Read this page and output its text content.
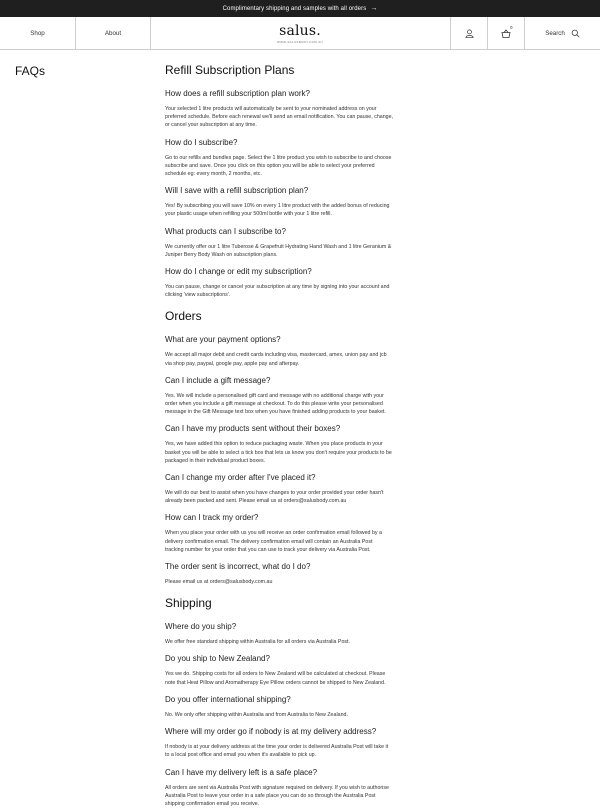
Complimentary shipping and samples with all orders →
Shop	About	salus.
WWW.SALUSBODY.COM.AU
0
Search
FAQs	Refill Subscription Plans
How does a refill subscription plan work?
Your selected 1 litre products will automatically be sent to your nominated address on your
preferred schedule. Before each renewal we'll send an email notification. You can pause, change,
or cancel your subscription at any time.
How do I subscribe?
Go to our refills and bundles page. Select the 1 litre product you wish to subscribe to and choose
subscribe and save. Once you click on this option you will be able to select your preferred
schedule eg: every month, 2 months, etc.
Will I save with a refill subscription plan?
Yes! By subscribing you will save 10% on every 1 litre product with the added bonus of reducing
your plastic usage when refilling your 500ml bottle with your 1 litre refill.
What products can I subscribe to?
We currently offer our 1 litre Tuberose & Grapefruit Hydrating Hand Wash and 1 litre Geranium &
Juniper Berry Body Wash on subscription plans.
How do I change or edit my subscription?
You can pause, change or cancel your subscription at any time by signing into your account and
clicking 'view subscriptions'.
Orders
What are your payment options?
We accept all major debit and credit cards including visa, mastercard, amex, union pay and jcb
via shop pay, paypal, google pay, apple pay and afterpay.
Can I include a gift message?
Yes. We will include a personalised gift card and message with no additional charge with your
order when you include a gift message at checkout. To do this please write your personalised
message in the Gift Message text box when you have finished adding products to your basket.
Can I have my products sent without their boxes?
Yes, we have added this option to reduce packaging waste. When you place products in your
basket you will be able to select a tick box that lets us know you don't require your products to be
packaged in their individual product boxes.
Can I change my order after I've placed it?
We will do our best to assist when you have changes to your order provided your order hasn't
already been packed and sent. Please email us at orders@salusbody.com.au
How can I track my order?
When you place your order with us you will receive an order confirmation email followed by a
delivery confirmation email. The delivery confirmation email will contain an Australia Post
tracking number for your order that you can use to track your delivery via Australia Post.
The order sent is incorrect, what do I do?
Please email us at orders@salusbody.com.au
Shipping
Where do you ship?
We offer free standard shipping within Australia for all orders via Australia Post.
Do you ship to New Zealand?
Yes we do. Shipping costs for all orders to New Zealand will be calculated at checkout. Please
note that Heat Pillow and Aromatherapy Eye Pillow orders cannot be shipped to New Zealand.
Do you offer international shipping?
No. We only offer shipping within Australia and from Australia to New Zealand.
Where will my order go if nobody is at my delivery address?
If nobody is at your delivery address at the time your order is delivered Australia Post will take it
to a local post office and email you when it's available to pick up.
Can I have my delivery left is a safe place?
All orders are sent via Australia Post with signature required on delivery. If you wish to authorise
Australia Post to leave your order in a safe place you can do so through the Australia Post
shipping confirmation email you receive.
